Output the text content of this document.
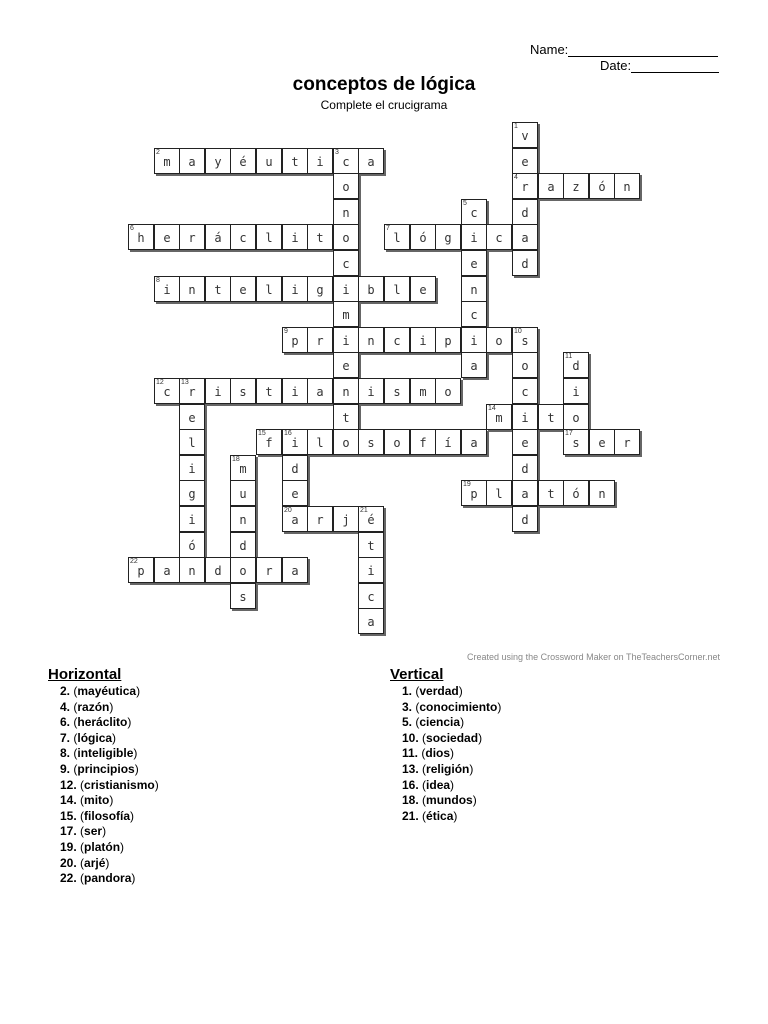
Name:
Date:
conceptos de lógica
Complete el crucigrama
1
v
2
m	a	y	é	u	t	i
3
c	a	e
o
4
r	a	z	ó	n
n
5
c	d
6
h	e	r	á	c	l	i	t	o
7
l	ó	g	i	c	a
c	e	d
8
i	n	t	e	l	i	g	i	b	l	e	n
m	c
9
p	r	i	n	c	i	p	i	o
10
s
e	a	o
11
d
12
c
13
r	i	s	t	i	a	n	i	s	m	o	c	i
e	t
14
m	i	t	o
l
15
f
16
i	l	o	s	o	f	í	a	e
17
s	e	r
i
18
m	d	d
g	u	e
19
p	l	a	t	ó	n
i	n
20
a	r	j
21
é	d
ó	d	t
22
p	a	n	d	o	r	a	i
s	c
a
Created using the Crossword Maker on TheTeachersCorner.net
Horizontal
2. (mayéutica)
4. (razón)
6. (heráclito)
7. (lógica)
8. (inteligible)
9. (principios)
12. (cristianismo)
14. (mito)
15. (filosofía)
17. (ser)
19. (platón)
20. (arjé)
22. (pandora)
Vertical
1. (verdad)
3. (conocimiento)
5. (ciencia)
10. (sociedad)
11. (dios)
13. (religión)
16. (idea)
18. (mundos)
21. (ética)
